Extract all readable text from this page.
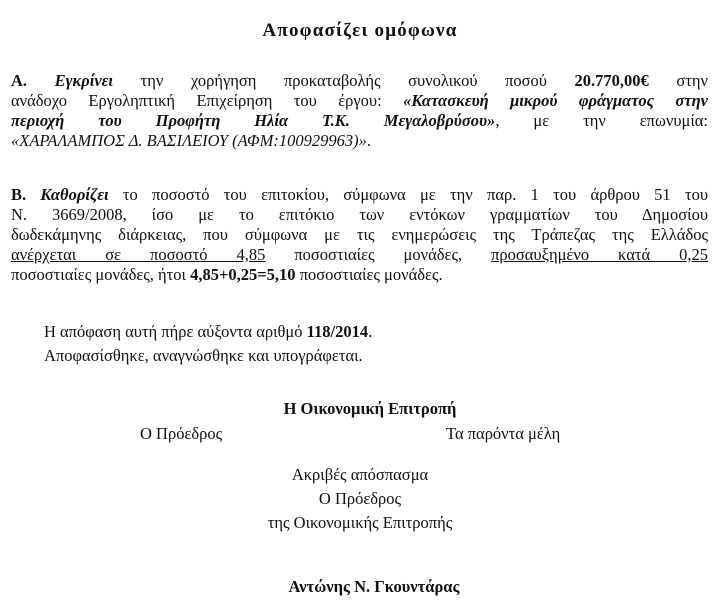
Αποφασίζει ομόφωνα
Α. Εγκρίνει την χορήγηση προκαταβολής συνολικού ποσού 20.770,00€ στην
ανάδοχο Εργοληπτική Επιχείρηση του έργου: «Κατασκευή μικρού φράγματος στην
περιοχή του Προφήτη Ηλία Τ.Κ. Μεγαλοβρύσου», με την επωνυμία:
«ΧΑΡΑΛΑΜΠΟΣ Δ. ΒΑΣΙΛΕΙΟΥ (ΑΦΜ:100929963)».
Β. Καθορίζει το ποσοστό του επιτοκίου, σύμφωνα με την παρ. 1 του άρθρου 51 του
Ν. 3669/2008, ίσο με το επιτόκιο των εντόκων γραμματίων του Δημοσίου
δωδεκάμηνης διάρκειας, που σύμφωνα με τις ενημερώσεις της Τράπεζας της Ελλάδος
ανέρχεται σε ποσοστό 4,85 ποσοστιαίες μονάδες, προσαυξημένο κατά 0,25
ποσοστιαίες μονάδες, ήτοι 4,85+0,25=5,10 ποσοστιαίες μονάδες.
Η απόφαση αυτή πήρε αύξοντα αριθμό 118/2014.
Αποφασίσθηκε, αναγνώσθηκε και υπογράφεται.
Η Οικονομική Επιτροπή
Ο Πρόεδρος	Τα παρόντα μέλη
Ακριβές απόσπασμα
Ο Πρόεδρος
της Οικονομικής Επιτροπής
Αντώνης Ν. Γκουντάρας
